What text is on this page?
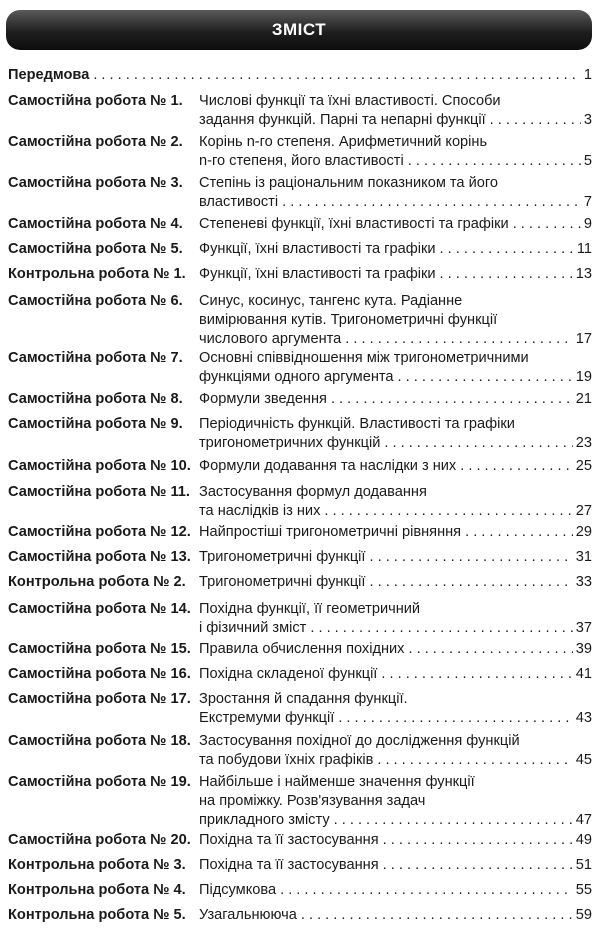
ЗМІСТ
Передмова . . .	1
Самостійна робота № 1. Числові функції та їхні властивості. Способи
задання функцій. Парні та непарні функції . . .	3
Самостійна робота № 2. Корінь n-го степеня. Арифметичний корінь
n-го степеня, його властивості . . .	5
Самостійна робота № 3. Степінь із раціональним показником та його
властивості . . .	7
Самостійна робота № 4. Степеневі функції, їхні властивості та графіки . . .	9
Самостійна робота № 5. Функції, їхні властивості та графіки . . .	11
Контрольна робота № 1. Функції, їхні властивості та графіки . . .	13
Самостійна робота № 6. Синус, косинус, тангенс кута. Радіанне
вимірювання кутів. Тригонометричні функції
числового аргумента . . .	17
Самостійна робота № 7. Основні співвідношення між тригонометричними
функціями одного аргумента . . .	19
Самостійна робота № 8. Формули зведення . . .	21
Самостійна робота № 9. Періодичність функцій. Властивості та графіки
тригонометричних функцій . . .	23
Самостійна робота № 10. Формули додавання та наслідки з них . . .	25
Самостійна робота № 11. Застосування формул додавання
та наслідків із них . . .	27
Самостійна робота № 12. Найпростіші тригонометричні рівняння . . .	29
Самостійна робота № 13. Тригонометричні функції . . .	31
Контрольна робота № 2. Тригонометричні функції . . .	33
Самостійна робота № 14. Похідна функції, її геометричний
і фізичний зміст . . .	37
Самостійна робота № 15. Правила обчислення похідних . . .	39
Самостійна робота № 16. Похідна складеної функції . . .	41
Самостійна робота № 17. Зростання й спадання функції.
Екстремуми функції . . .	43
Самостійна робота № 18. Застосування похідної до дослідження функцій
та побудови їхніх графіків . . .	45
Самостійна робота № 19. Найбільше і найменше значення функції
на проміжку. Розв'язування задач
прикладного змісту . . .	47
Самостійна робота № 20. Похідна та її застосування . . .	49
Контрольна робота № 3. Похідна та її застосування . . .	51
Контрольна робота № 4. Підсумкова . . .	55
Контрольна робота № 5. Узагальнююча . . .	59
